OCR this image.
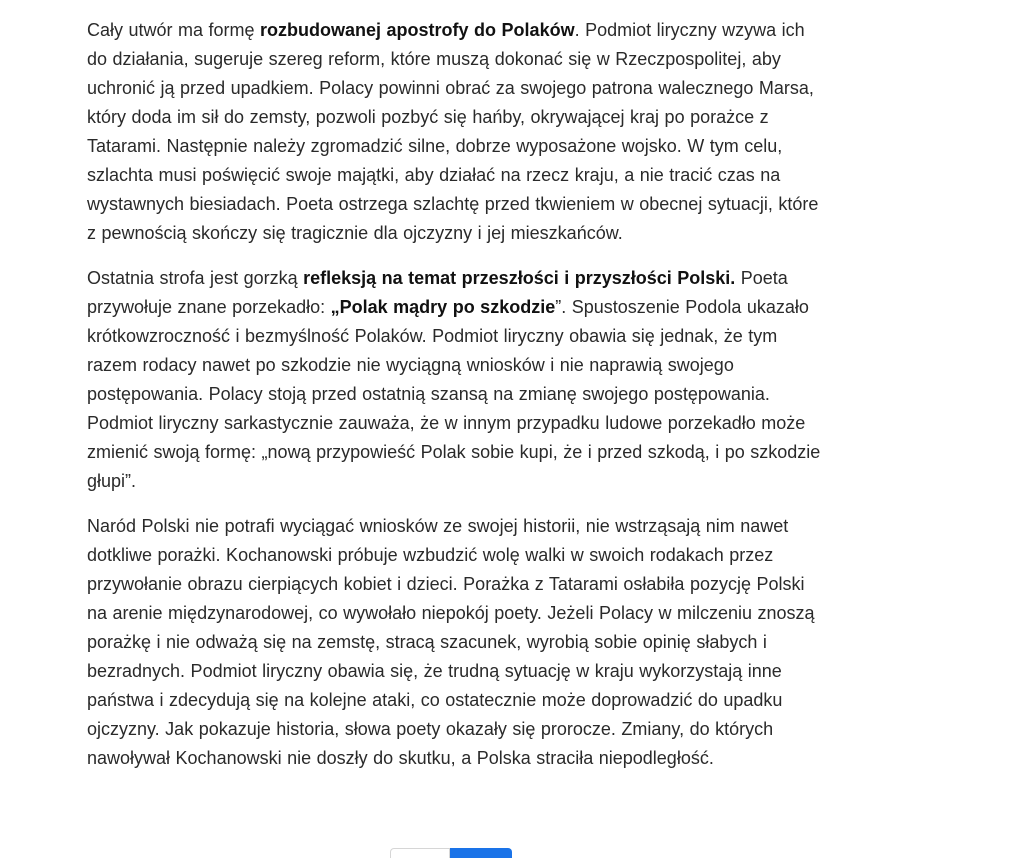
Cały utwór ma formę rozbudowanej apostrofy do Polaków. Podmiot liryczny wzywa ich do działania, sugeruje szereg reform, które muszą dokonać się w Rzeczpospolitej, aby uchronić ją przed upadkiem. Polacy powinni obrać za swojego patrona walecznego Marsa, który doda im sił do zemsty, pozwoli pozbyć się hańby, okrywającej kraj po porażce z Tatarami. Następnie należy zgromadzić silne, dobrze wyposażone wojsko. W tym celu, szlachta musi poświęcić swoje majątki, aby działać na rzecz kraju, a nie tracić czas na wystawnych biesiadach. Poeta ostrzega szlachtę przed tkwieniem w obecnej sytuacji, które z pewnością skończy się tragicznie dla ojczyzny i jej mieszkańców.

Ostatnia strofa jest gorzką refleksją na temat przeszłości i przyszłości Polski. Poeta przywołuje znane porzekadło: „Polak mądry po szkodzie”. Spustoszenie Podola ukazało krótkowzroczność i bezmyślność Polaków. Podmiot liryczny obawia się jednak, że tym razem rodacy nawet po szkodzie nie wyciągną wniosków i nie naprawią swojego postępowania. Polacy stoją przed ostatnią szansą na zmianę swojego postępowania. Podmiot liryczny sarkastycznie zauważa, że w innym przypadku ludowe porzekadło może zmienić swoją formę: „nową przypowieść Polak sobie kupi, że i przed szkodą, i po szkodzie głupi”.

Naród Polski nie potrafi wyciągać wniosków ze swojej historii, nie wstrząsają nim nawet dotkliwe porażki. Kochanowski próbuje wzbudzić wolę walki w swoich rodakach przez przywołanie obrazu cierpiących kobiet i dzieci. Porażka z Tatarami osłabiła pozycję Polski na arenie międzynarodowej, co wywołało niepokój poety. Jeżeli Polacy w milczeniu znoszą porażkę i nie odważą się na zemstę, stracą szacunek, wyrobią sobie opinię słabych i bezradnych. Podmiot liryczny obawia się, że trudną sytuację w kraju wykorzystają inne państwa i zdecydują się na kolejne ataki, co ostatecznie może doprowadzić do upadku ojczyzny. Jak pokazuje historia, słowa poety okazały się prorocze. Zmiany, do których nawoływał Kochanowski nie doszły do skutku, a Polska straciła niepodległość.
